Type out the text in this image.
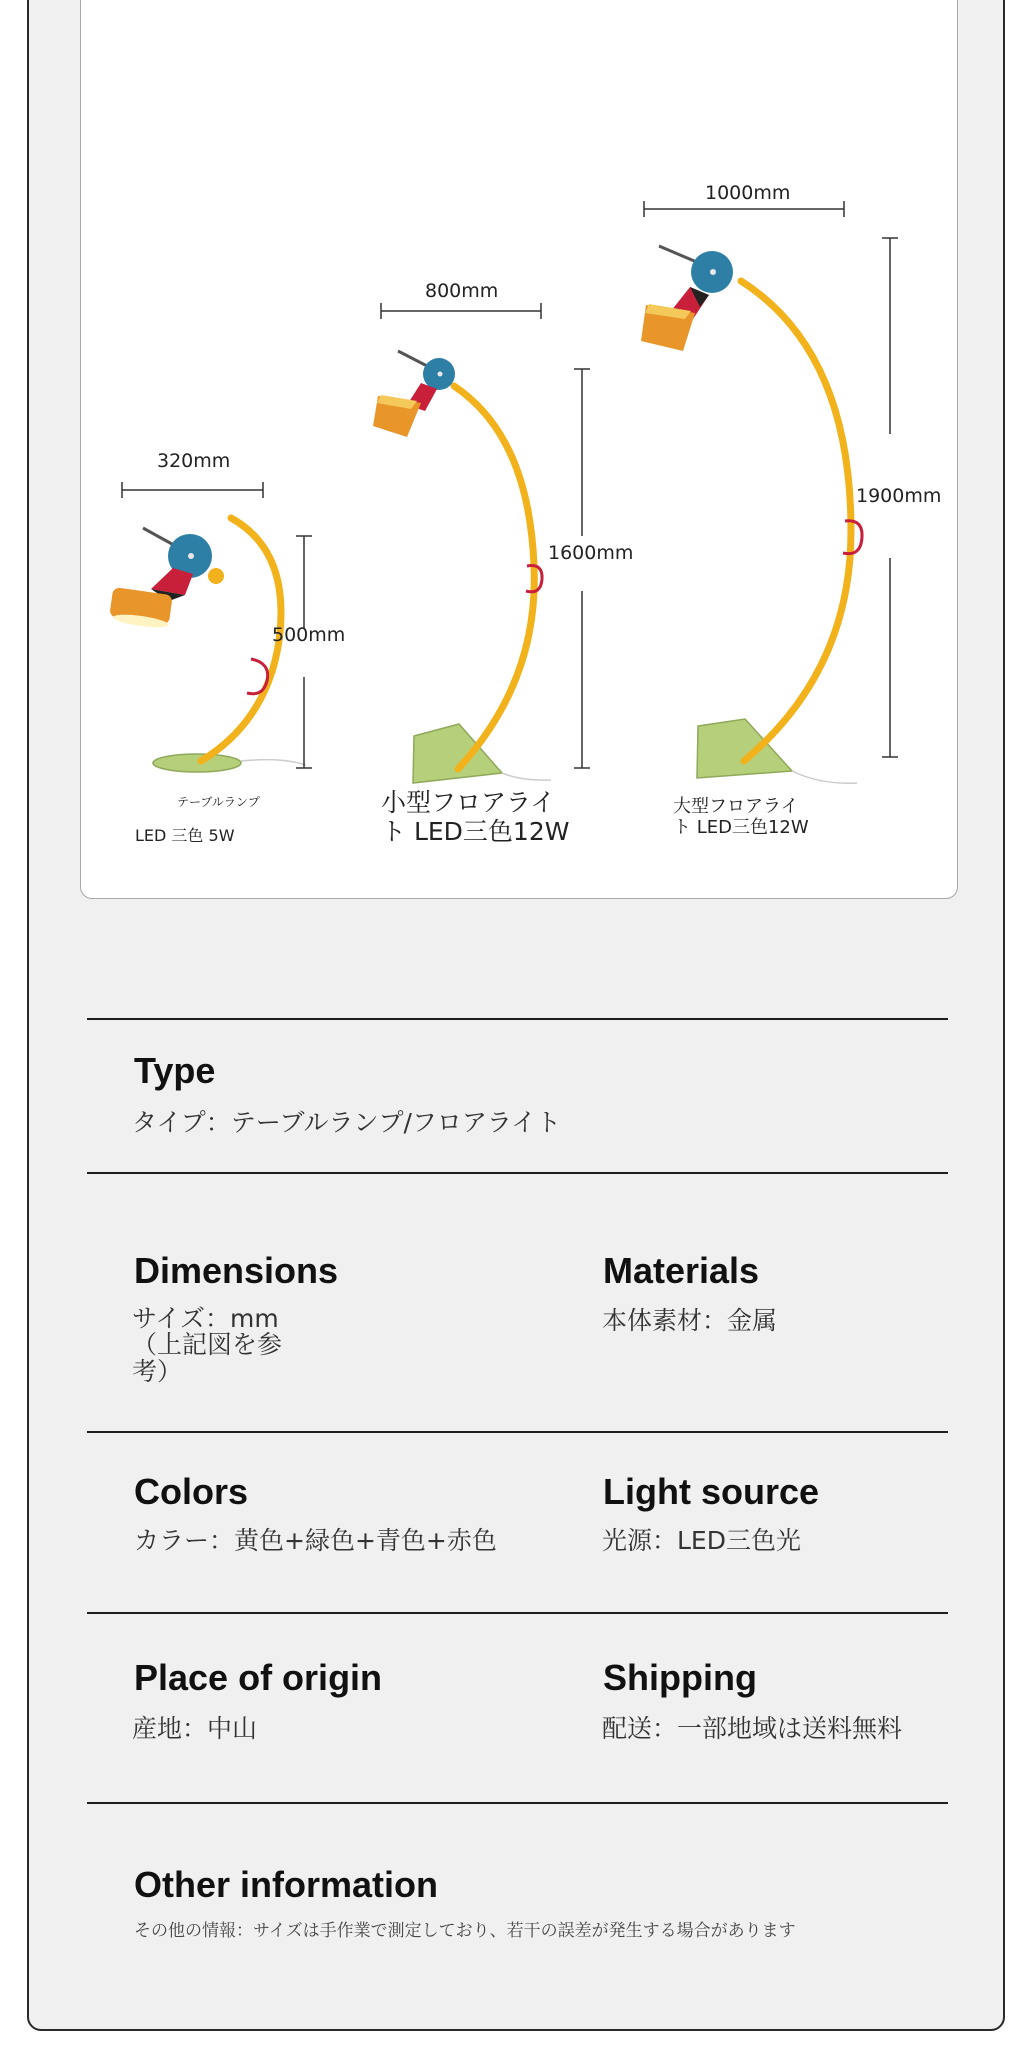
320mm
500mm
800mm
1600mm
1000mm
1900mm
テーブルランプ
LED 三色 5W
小型フロアライ
ト LED三色12W
大型フロアライ
ト LED三色12W
Type
タイプ：テーブルランプ/フロアライト
Dimensions
サイズ：mm
（上記図を参
考）
Materials
本体素材：金属
Colors
カラー：黄色+緑色+青色+赤色
Light source
光源：LED三色光
Place of origin
産地：中山
Shipping
配送：一部地域は送料無料
Other information
その他の情報：サイズは手作業で測定しており、若干の誤差が発生する場合があります
